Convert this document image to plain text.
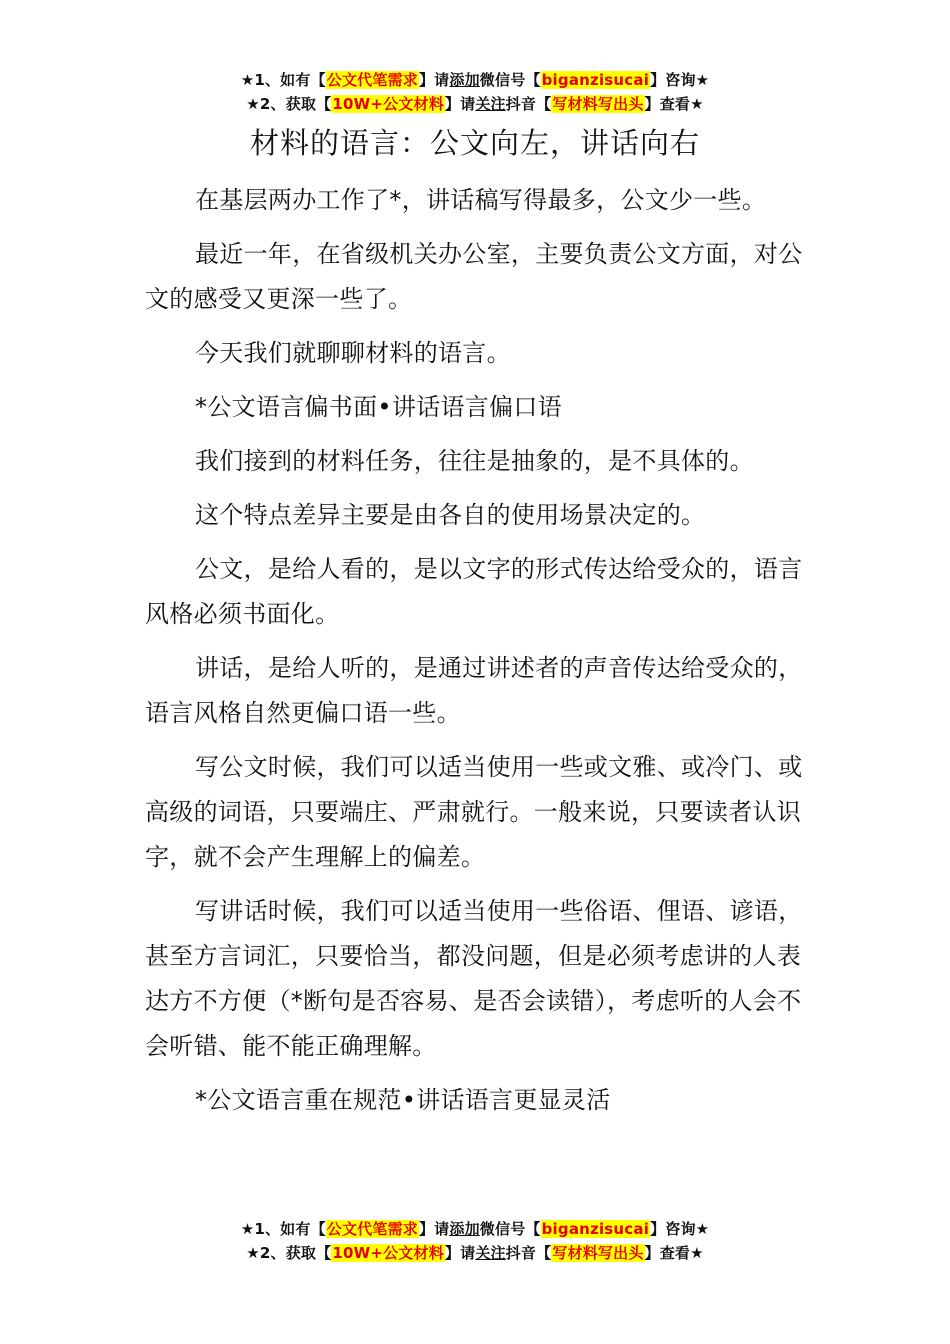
★1、如有【公文代笔需求】请添加微信号【biganzisucai】咨询★
★2、获取【10W+公文材料】请关注抖音【写材料写出头】查看★
材料的语言：公文向左，讲话向右

在基层两办工作了*，讲话稿写得最多，公文少一些。

最近一年，在省级机关办公室，主要负责公文方面，对公文的感受又更深一些了。

今天我们就聊聊材料的语言。

*公文语言偏书面•讲话语言偏口语

我们接到的材料任务，往往是抽象的，是不具体的。

这个特点差异主要是由各自的使用场景决定的。

公文，是给人看的，是以文字的形式传达给受众的，语言风格必须书面化。

讲话，是给人听的，是通过讲述者的声音传达给受众的，语言风格自然更偏口语一些。

写公文时候，我们可以适当使用一些或文雅、或冷门、或高级的词语，只要端庄、严肃就行。一般来说，只要读者认识字，就不会产生理解上的偏差。

写讲话时候，我们可以适当使用一些俗语、俚语、谚语，甚至方言词汇，只要恰当，都没问题，但是必须考虑讲的人表达方不方便（*断句是否容易、是否会读错），考虑听的人会不会听错、能不能正确理解。

*公文语言重在规范•讲话语言更显灵活

★1、如有【公文代笔需求】请添加微信号【biganzisucai】咨询★
★2、获取【10W+公文材料】请关注抖音【写材料写出头】查看★
